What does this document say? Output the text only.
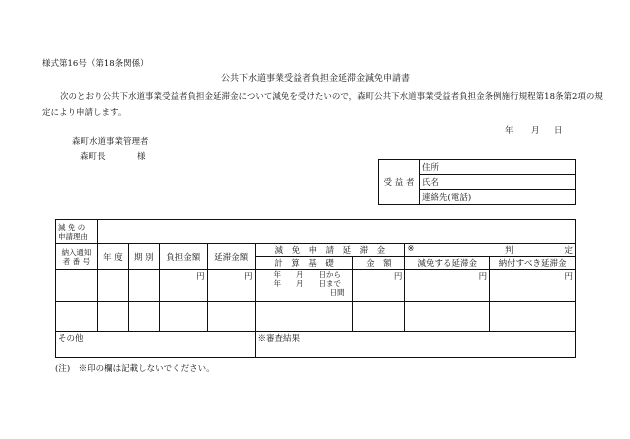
様式第16号（第18条関係）
公共下水道事業受益者負担金延滞金減免申請書
次のとおり公共下水道事業受益者負担金延滞金について減免を受けたいので，森町公共下水道事業受益者負担金条例施行規程第18条第2項の規
定により申請します。
年 月 日
森町水道事業管理者
森町長	様
受 益 者	住所
氏名
連絡先(電話)
減 免 の 申請理由								
納入通知者 番 号	年 度	期 別	負担金額	延滞金額	減　免　申　請　延　滞　金		※ 判　　　　　　定	

					計　算　基　礎	金　額	減免する延滞金	納付すべき延滞金
			円	円	年　　月　　日から
年　　月　　日まで
日間	円	円	円

その他					※審査結果			
(注)　※印の欄は記載しないでください。
